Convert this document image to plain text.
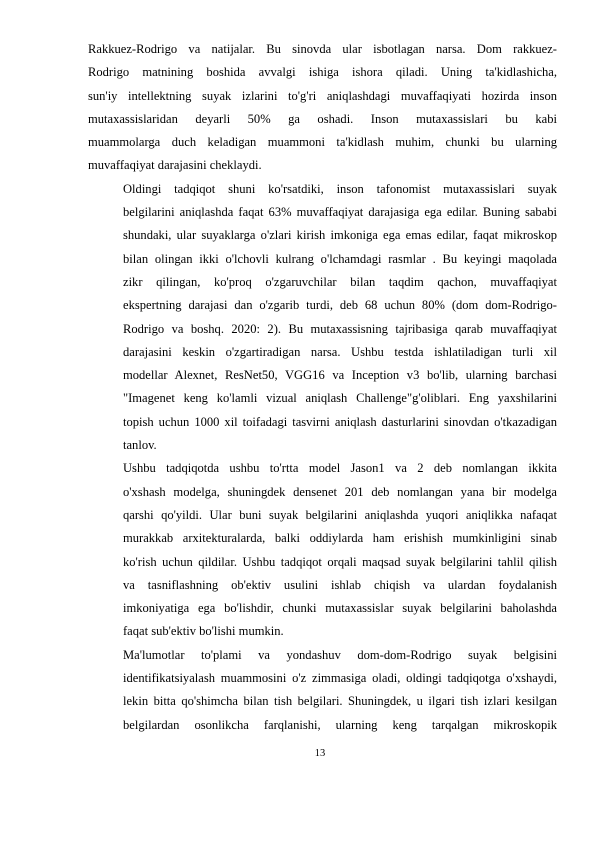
Rakkuez-Rodrigo va natijalar. Bu sinovda ular isbotlagan narsa. Dom rakkuez-
Rodrigo matnining boshida avvalgi ishiga ishora qiladi. Uning ta'kidlashicha,
sun'iy intellektning suyak izlarini to'g'ri aniqlashdagi muvaffaqiyati hozirda inson
mutaxassislaridan deyarli 50% ga oshadi. Inson mutaxassislari bu kabi
muammolarga duch keladigan muammoni ta'kidlash muhim, chunki bu ularning
muvaffaqiyat darajasini cheklaydi.

Oldingi tadqiqot shuni ko'rsatdiki, inson tafonomist mutaxassislari suyak
belgilarini aniqlashda faqat 63% muvaffaqiyat darajasiga ega edilar. Buning sababi
shundaki, ular suyaklarga o'zlari kirish imkoniga ega emas edilar, faqat mikroskop
bilan olingan ikki o'lchovli kulrang o'lchamdagi rasmlar . Bu keyingi maqolada
zikr qilingan, ko'proq o'zgaruvchilar bilan taqdim qachon, muvaffaqiyat
ekspertning darajasi dan o'zgarib turdi, deb 68 uchun 80% (dom dom-Rodrigo-
Rodrigo va boshq. 2020: 2). Bu mutaxassisning tajribasiga qarab muvaffaqiyat
darajasini keskin o'zgartiradigan narsa. Ushbu testda ishlatiladigan turli xil
modellar Alexnet, ResNet50, VGG16 va Inception v3 bo'lib, ularning barchasi
"Imagenet keng ko'lamli vizual aniqlash Challenge"g'oliblari. Eng yaxshilarini
topish uchun 1000 xil toifadagi tasvirni aniqlash dasturlarini sinovdan o'tkazadigan
tanlov.

Ushbu tadqiqotda ushbu to'rtta model Jason1 va 2 deb nomlangan ikkita
o'xshash modelga, shuningdek densenet 201 deb nomlangan yana bir modelga
qarshi qo'yildi. Ular buni suyak belgilarini aniqlashda yuqori aniqlikka nafaqat
murakkab arxitekturalarda, balki oddiylarda ham erishish mumkinligini sinab
ko'rish uchun qildilar. Ushbu tadqiqot orqali maqsad suyak belgilarini tahlil qilish
va tasniflashning ob'ektiv usulini ishlab chiqish va ulardan foydalanish
imkoniyatiga ega bo'lishdir, chunki mutaxassislar suyak belgilarini baholashda
faqat sub'ektiv bo'lishi mumkin.

Ma'lumotlar to'plami va yondashuv dom-dom-Rodrigo suyak belgisini
identifikatsiyalash muammosini o'z zimmasiga oladi, oldingi tadqiqotga o'xshaydi,
lekin bitta qo'shimcha bilan tish belgilari. Shuningdek, u ilgari tish izlari kesilgan
belgilardan osonlikcha farqlanishi, ularning keng tarqalgan mikroskopik

13
